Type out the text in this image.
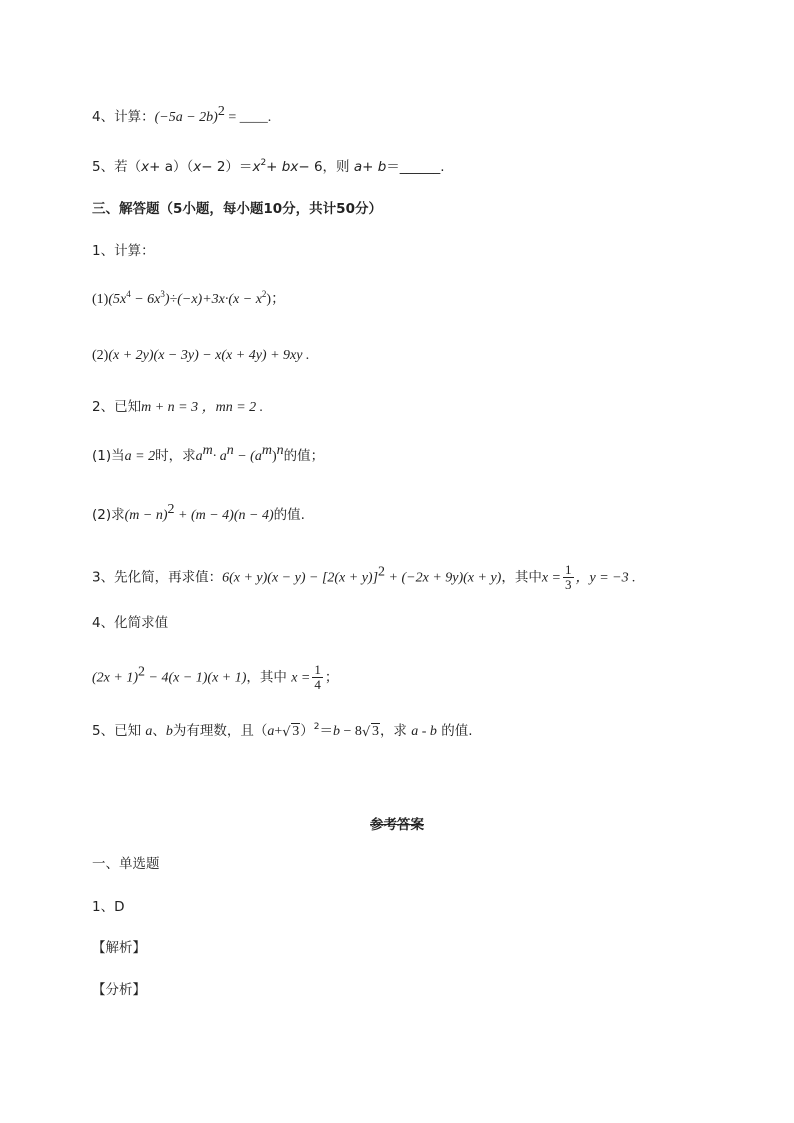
4、计算：$(-5a - 2b)^2$ = ____.
5、若$(x+ a)(x- 2)=x^2+ bx- 6$，则 a+ b＝______.
三、解答题（5小题，每小题10分，共计50分）
1、计算：
$(1)(5x^4 - 6x^3)\div(-x)+3x\cdot(x - x^2)$；
(2)(x + 2y)(x − 3y) − x(x + 4y) + 9xy .
2、已知m + n = 3 ，mn = 2 .
(1)当a = 2时，求$a^m\cdot a^n - (a^m)^n$的值；
(2)求$(m - n)^2 + (m - 4)(n - 4)$的值.
3、先化简，再求值：$6(x + y)(x - y) - [2(x + y)]^2 + (-2x + 9y)(x + y)$，其中$x = \frac{1}{3}$ ，y = −3 .
4、化简求值
$(2x + 1)^2 - 4(x - 1)(x + 1)$，其中 $x = \frac{1}{4}$ ；
5、已知 a、b为有理数，且（a+ √ 3）$^2$＝b − 8 √ 3，求 a - b 的值.
参考答案
一、单选题
1、D
【解析】
【分析】
